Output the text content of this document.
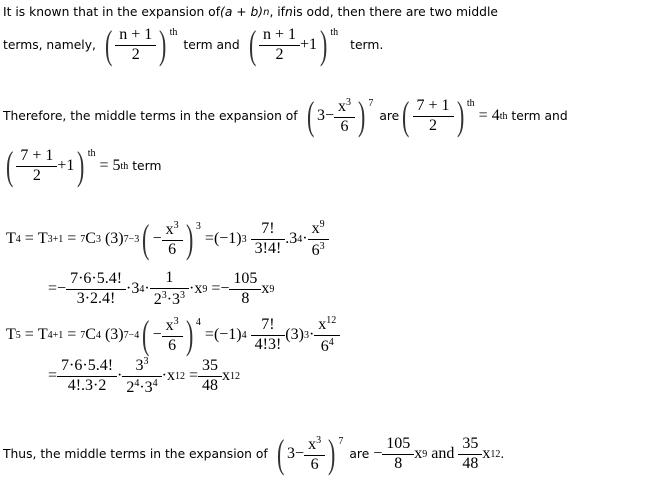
It is known that in the expansion of (a + b) n , if n is odd, then there are two middle
terms, namely, ( $\frac{n + 1}{2}$ ) th
term and ( $\frac{n + 1}{2} +1$ ) th
term.
Therefore, the middle terms in the expansion of ( $3 - \frac{x3}{6}$ ) 7
are ( $\frac{7 + 1}{2}$ ) th

=
4 th
term and
( $\frac{7 + 1}{2} +1$ ) th

=
5 th
term
T 4 = T 3+1 = 7 C 3
(3) 7−3 ( − $\frac{x3}{6}$ ) 3
= (−1) 3
$\frac{7!}{3!4!} .3$ $4 \cdot \frac{x9}{63}$
= − $\frac{7\cdot 6\cdot 5.4!}{3\cdot 2.4!} \cdot 3$ $4 \cdot \frac{1}{23\cdot 33} \cdot x$ 9 = − $\frac{105}{8}$ x 9
T 5 = T 4+1 = 7 C 4
(3) 7−4 ( − $\frac{x3}{6}$ ) 4
= (−1) 4
$\frac{7!}{4!3!} (3) 3 \cdot \frac{x12}{64}$
= $\frac{7\cdot 6\cdot 5.4!}{4!.3\cdot 2} \cdot \frac{33}{24\cdot 34} \cdot x$ $12 = \frac{35}{48}$ x 12
Thus, the middle terms in the expansion of ( $3 - \frac{x3}{6}$ ) 7
are
− $\frac{105}{8}$ x 9
and
$\frac{35}{48}$ x 12 .
